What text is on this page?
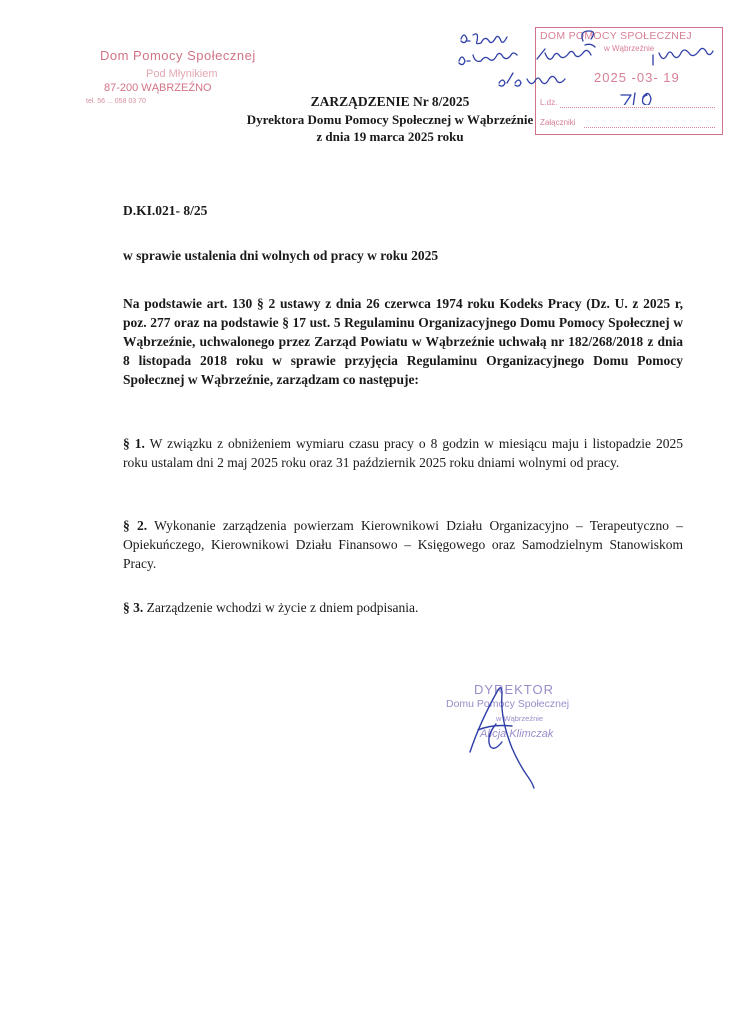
Dom Pomocy Społecznej
Pod Młynikiem
87-200 WĄBRZEŹNO
tel. 56 ... 058 03 70
DOM POMOCY SPOŁECZNEJ
w Wąbrzeźnie
2025 -03- 19
L.dz.
Załączniki
ZARZĄDZENIE Nr 8/2025
Dyrektora Domu Pomocy Społecznej w Wąbrzeźnie
z dnia 19 marca 2025 roku
D.KI.021- 8/25
w sprawie ustalenia dni wolnych od pracy w roku 2025
Na podstawie art. 130 § 2 ustawy z dnia 26 czerwca 1974 roku Kodeks Pracy (Dz. U. z 2025 r, poz. 277 oraz na podstawie § 17 ust. 5 Regulaminu Organizacyjnego Domu Pomocy Społecznej w Wąbrzeźnie, uchwalonego przez Zarząd Powiatu w Wąbrzeźnie uchwałą nr 182/268/2018 z dnia 8 listopada 2018 roku w sprawie przyjęcia Regulaminu Organizacyjnego Domu Pomocy Społecznej w Wąbrzeźnie, zarządzam co następuje:
§ 1. W związku z obniżeniem wymiaru czasu pracy o 8 godzin w miesiącu maju i listopadzie 2025 roku ustalam dni 2 maj 2025 roku oraz 31 październik 2025 roku dniami wolnymi od pracy.
§ 2. Wykonanie zarządzenia powierzam Kierownikowi Działu Organizacyjno – Terapeutyczno – Opiekuńczego, Kierownikowi Działu Finansowo – Księgowego oraz Samodzielnym Stanowiskom Pracy.
§ 3. Zarządzenie wchodzi w życie z dniem podpisania.
DYREKTOR
Domu Pomocy Społecznej
w Wąbrzeźnie
Alicja Klimczak
